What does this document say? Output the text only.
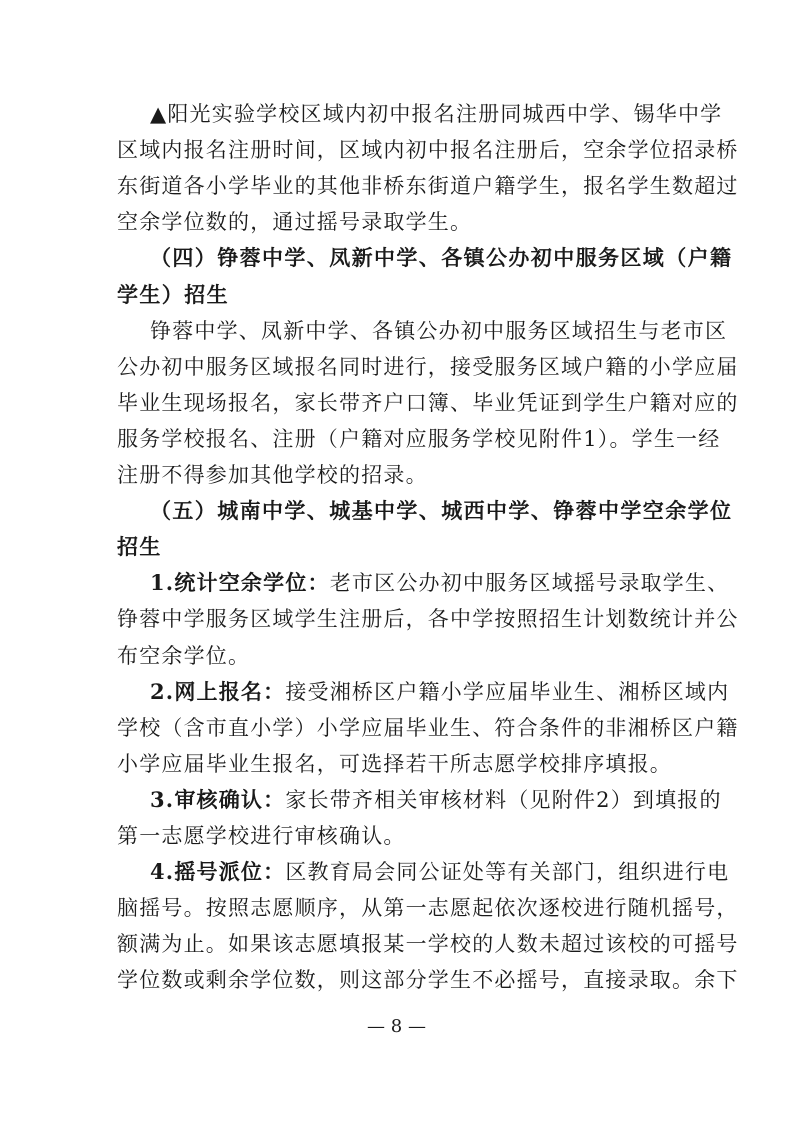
▲阳光实验学校区域内初中报名注册同城西中学、锡华中学
区域内报名注册时间，区域内初中报名注册后，空余学位招录桥
东街道各小学毕业的其他非桥东街道户籍学生，报名学生数超过
空余学位数的，通过摇号录取学生。
（四）铮蓉中学、凤新中学、各镇公办初中服务区域（户籍
学生）招生
铮蓉中学、凤新中学、各镇公办初中服务区域招生与老市区
公办初中服务区域报名同时进行，接受服务区域户籍的小学应届
毕业生现场报名，家长带齐户口簿、毕业凭证到学生户籍对应的
服务学校报名、注册（户籍对应服务学校见附件1）。学生一经
注册不得参加其他学校的招录。
（五）城南中学、城基中学、城西中学、铮蓉中学空余学位
招生
1.统计空余学位：老市区公办初中服务区域摇号录取学生、
铮蓉中学服务区域学生注册后，各中学按照招生计划数统计并公
布空余学位。
2.网上报名：接受湘桥区户籍小学应届毕业生、湘桥区域内
学校（含市直小学）小学应届毕业生、符合条件的非湘桥区户籍
小学应届毕业生报名，可选择若干所志愿学校排序填报。
3.审核确认：家长带齐相关审核材料（见附件2）到填报的
第一志愿学校进行审核确认。
4.摇号派位：区教育局会同公证处等有关部门，组织进行电
脑摇号。按照志愿顺序，从第一志愿起依次逐校进行随机摇号，
额满为止。如果该志愿填报某一学校的人数未超过该校的可摇号
学位数或剩余学位数，则这部分学生不必摇号，直接录取。余下
— 8 —
